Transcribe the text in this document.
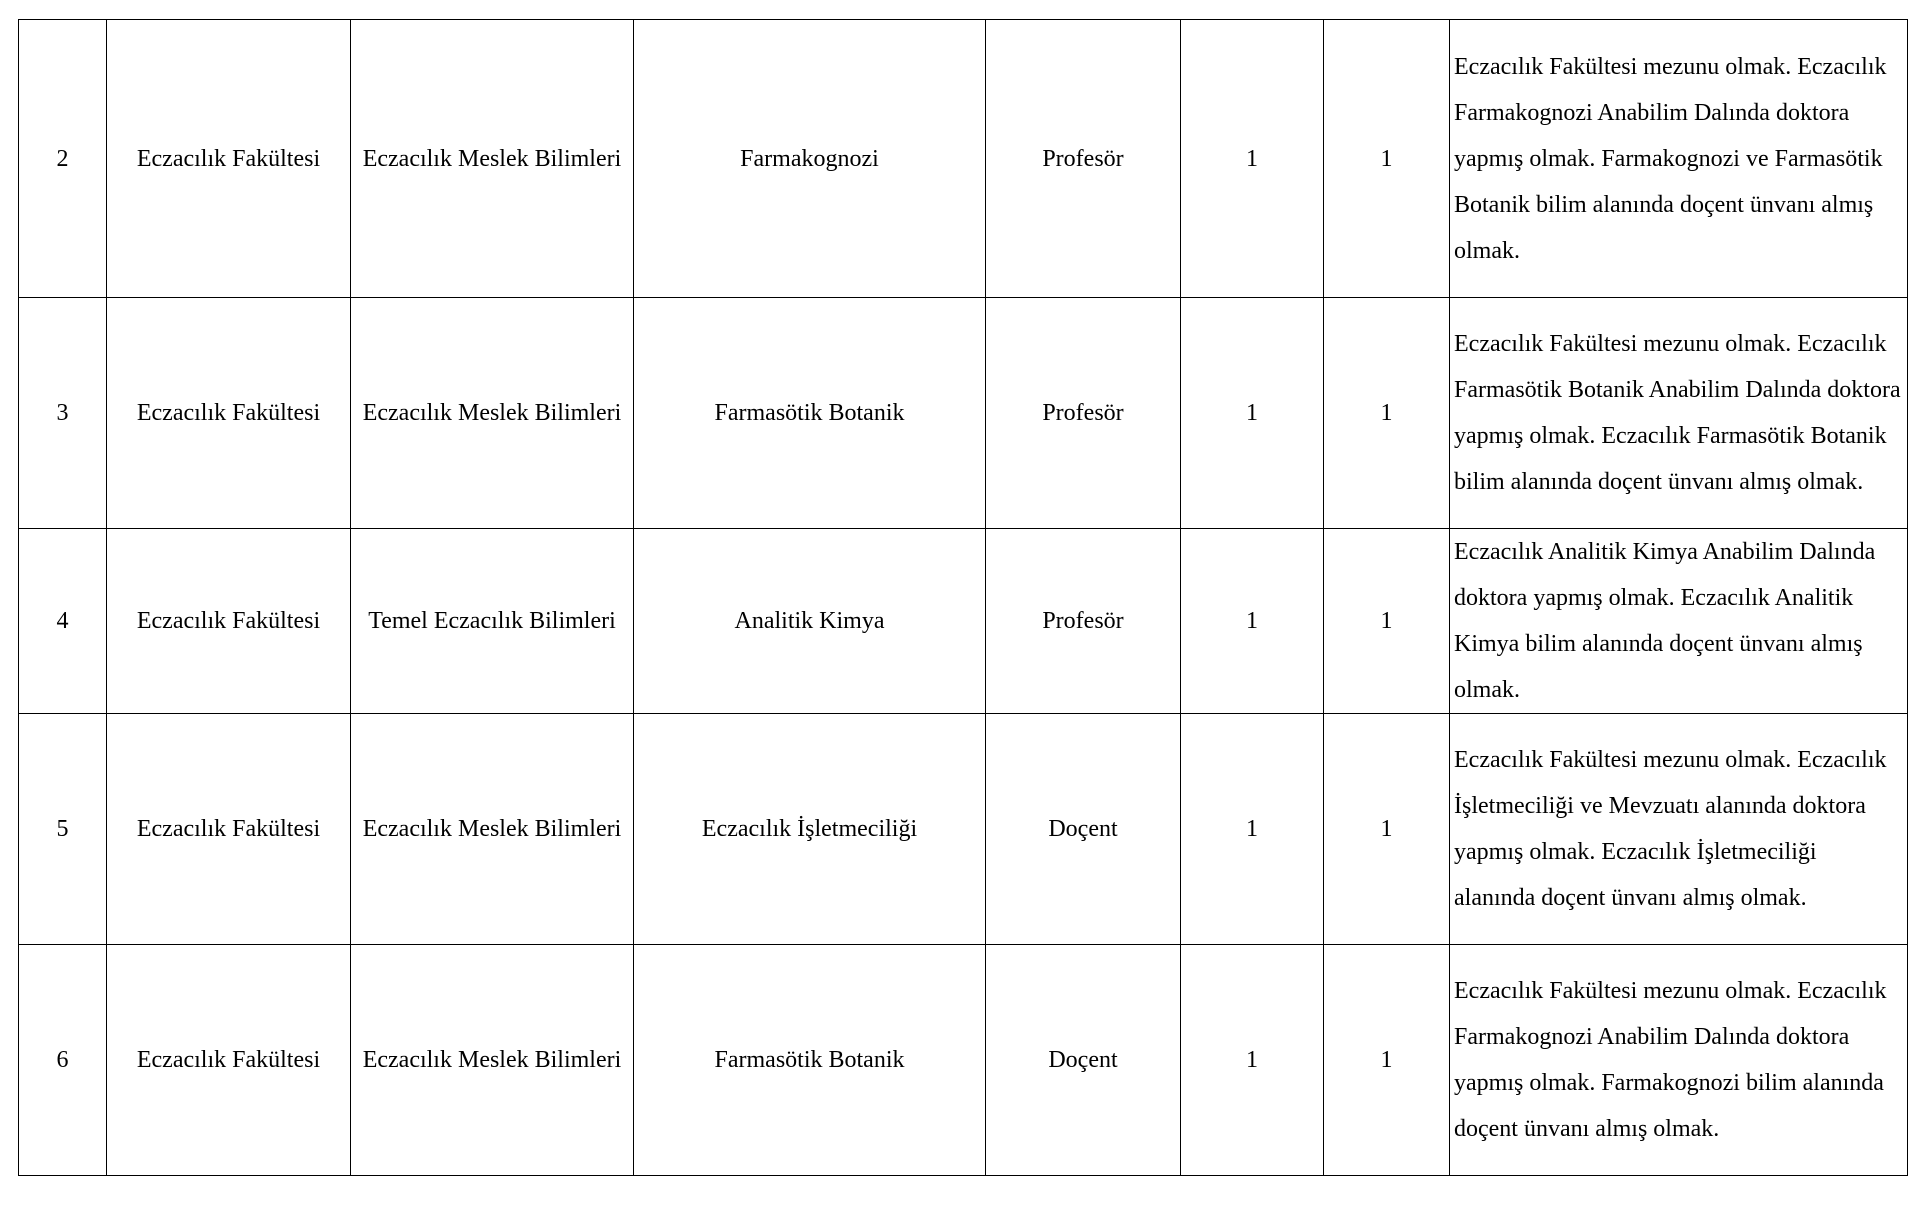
2	Eczacılık Fakültesi	Eczacılık Meslek Bilimleri	Farmakognozi	Profesör	1	1	Eczacılık Fakültesi mezunu olmak. Eczacılık Farmakognozi Anabilim Dalında doktora yapmış olmak. Farmakognozi ve Farmasötik Botanik bilim alanında doçent ünvanı almış olmak.
3	Eczacılık Fakültesi	Eczacılık Meslek Bilimleri	Farmasötik Botanik	Profesör	1	1	Eczacılık Fakültesi mezunu olmak. Eczacılık Farmasötik Botanik Anabilim Dalında doktora yapmış olmak. Eczacılık Farmasötik Botanik bilim alanında doçent ünvanı almış olmak.
4	Eczacılık Fakültesi	Temel Eczacılık Bilimleri	Analitik Kimya	Profesör	1	1	Eczacılık Analitik Kimya Anabilim Dalında doktora yapmış olmak. Eczacılık Analitik Kimya bilim alanında doçent ünvanı almış olmak.
5	Eczacılık Fakültesi	Eczacılık Meslek Bilimleri	Eczacılık İşletmeciliği	Doçent	1	1	Eczacılık Fakültesi mezunu olmak. Eczacılık İşletmeciliği ve Mevzuatı alanında doktora yapmış olmak. Eczacılık İşletmeciliği alanında doçent ünvanı almış olmak.
6	Eczacılık Fakültesi	Eczacılık Meslek Bilimleri	Farmasötik Botanik	Doçent	1	1	Eczacılık Fakültesi mezunu olmak. Eczacılık Farmakognozi Anabilim Dalında doktora yapmış olmak. Farmakognozi bilim alanında doçent ünvanı almış olmak.
